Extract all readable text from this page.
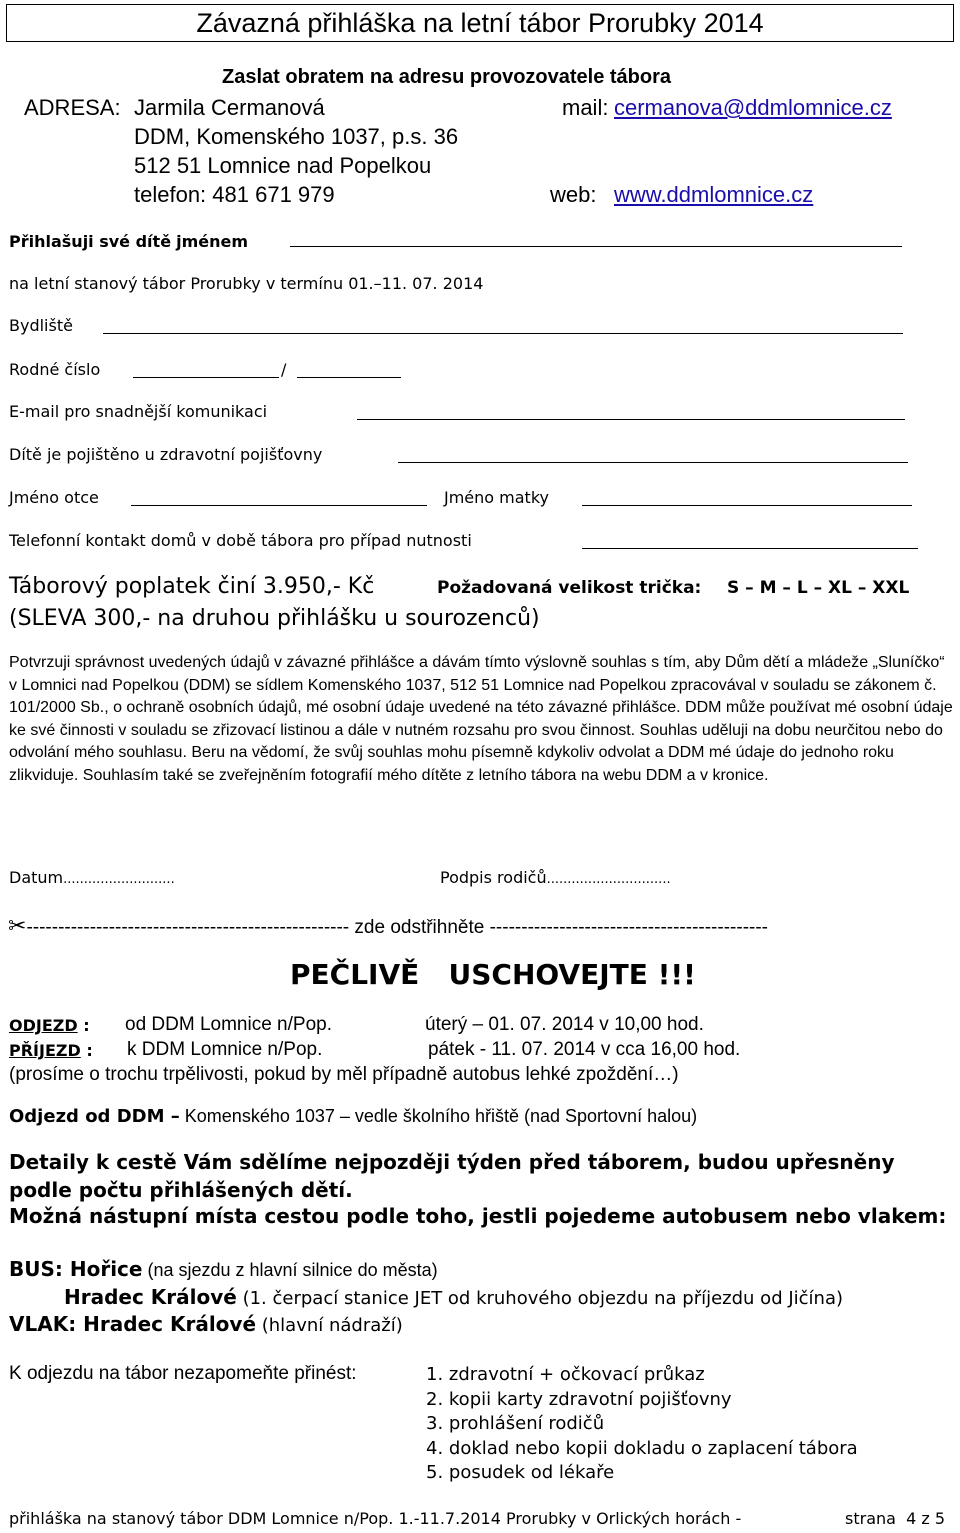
Závazná přihláška na letní tábor Prorubky 2014
Zaslat obratem na adresu provozovatele tábora
ADRESA: Jarmila Cermanová
DDM, Komenského 1037, p.s. 36
512 51 Lomnice nad Popelkou
telefon: 481 671 979
mail: cermanova@ddmlomnice.cz
web: www.ddmlomnice.cz
Přihlašuji své dítě jménem
na letní stanový tábor Prorubky v termínu 01.–11. 07. 2014
Bydliště
Rodné číslo	/
E-mail pro snadnější komunikaci
Dítě je pojištěno u zdravotní pojišťovny
Jméno otce	Jméno matky
Telefonní kontakt domů v době tábora pro případ nutnosti
Táborový poplatek činí 3.950,- Kč	Požadovaná velikost trička: S – M – L – XL – XXL
(SLEVA 300,- na druhou přihlášku u sourozenců)
Potvrzuji správnost uvedených údajů v závazné přihlášce a dávám tímto výslovně souhlas s tím, aby Dům dětí a mládeže „Sluníčko“ v Lomnici nad Popelkou (DDM) se sídlem Komenského 1037, 512 51 Lomnice nad Popelkou zpracovával v souladu se zákonem č. 101/2000 Sb., o ochraně osobních údajů, mé osobní údaje uvedené na této závazné přihlášce. DDM může používat mé osobní údaje ke své činnosti v souladu se zřizovací listinou a dále v nutném rozsahu pro svou činnost. Souhlas uděluji na dobu neurčitou nebo do odvolání mého souhlasu. Beru na vědomí, že svůj souhlas mohu písemně kdykoliv odvolat a DDM mé údaje do jednoho roku zlikviduje. Souhlasím také se zveřejněním fotografií mého dítěte z letního tábora na webu DDM a v kronice.
Datum...........................	Podpis rodičů..............................
✂--------------------------------------------------- zde odstřihněte --------------------------------------------
PEČLIVĚ   USCHOVEJTE !!!
ODJEZD : od DDM Lomnice n/Pop.	úterý – 01. 07. 2014 v 10,00 hod.
PŘÍJEZD : k DDM Lomnice n/Pop.	pátek - 11. 07. 2014 v cca 16,00 hod.
(prosíme o trochu trpělivosti, pokud by měl případně autobus lehké zpoždění…)
Odjezd od DDM – Komenského 1037 – vedle školního hřiště (nad Sportovní halou)
Detaily k cestě Vám sdělíme nejpozději týden před táborem, budou upřesněny podle počtu přihlášených dětí.
Možná nástupní místa cestou podle toho, jestli pojedeme autobusem nebo vlakem:
BUS: Hořice (na sjezdu z hlavní silnice do města)
Hradec Králové (1. čerpací stanice JET od kruhového objezdu na příjezdu od Jičína)
VLAK: Hradec Králové (hlavní nádraží)
K odjezdu na tábor nezapomeňte přinést:	1. zdravotní + očkovací průkaz
2. kopii karty zdravotní pojišťovny
3. prohlášení rodičů
4. doklad nebo kopii dokladu o zaplacení tábora
5. posudek od lékaře
přihláška na stanový tábor DDM Lomnice n/Pop. 1.-11.7.2014 Prorubky v Orlických horách -	strana  4 z 5
